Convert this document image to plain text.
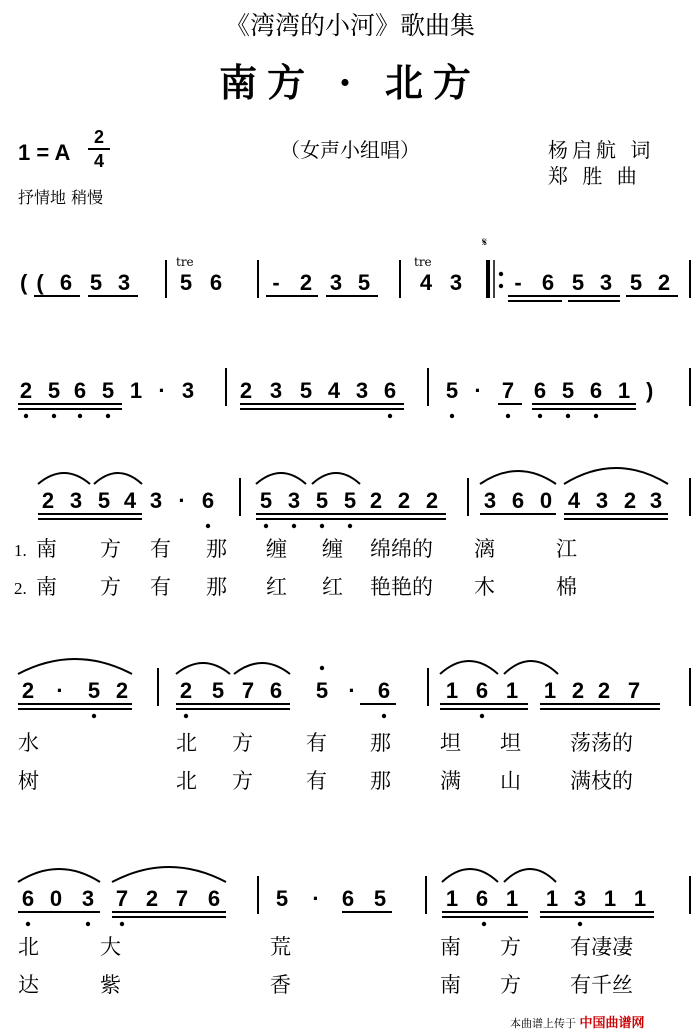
《湾湾的小河》歌曲集
南方 · 北方
1 = A $\frac{2}{4}$	（女声小组唱）	杨启航 词
郑 胜 曲
抒情地 稍慢
( ( 6 5 3 5 6 - 2 3 5 4 3 - 6 5 3 5 2
tre	tre
𝄋
2 5 6 5 1 · 3 2 3 5 4 3 6 5 · 7 6 5 6 1 )
2 3 5 4 3 · 6 5 3 5 5 2 2 2 3 6 0 4 3 2 3
1. 南 方 有 那 缠 缠 绵绵的 漓	江
2. 南 方 有 那 红 红 艳艳的 木	棉
2 · 5 2 2 5 7 6 5 · 6	1 6 1 1 2 2 7
水	北 方	有 那 坦 坦 荡荡的
树	北 方	有 那 满 山 满枝的
6 0 3 7 2 7 6	5 · 6 5	1 6 1 1 3 1 1
北	大	荒	南 方 有凄凄
达	紫	香	南 方 有千丝
本曲谱上传于 中国曲谱网
